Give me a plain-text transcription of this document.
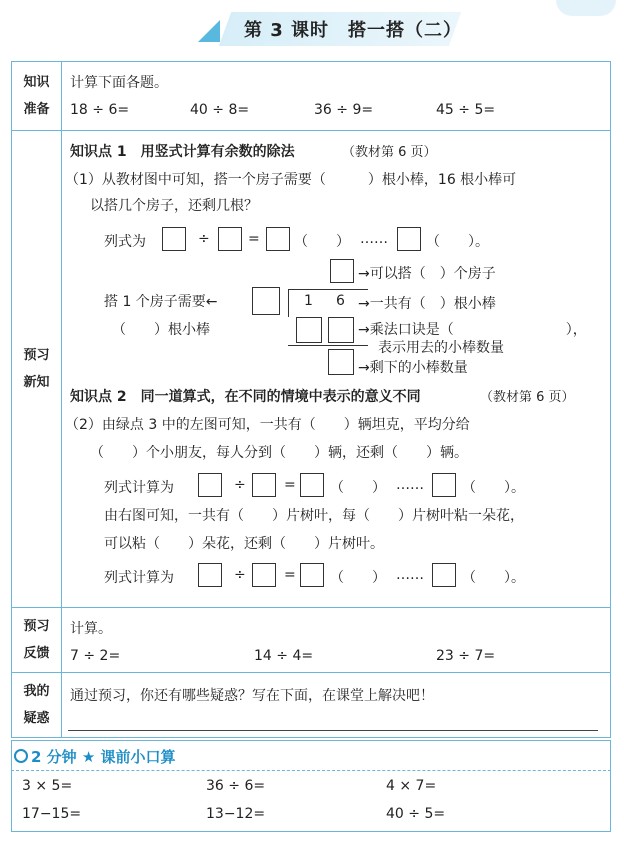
第 3 课时　搭一搭（二）
知识
准备
计算下面各题。
18 ÷ 6=	40 ÷ 8=	36 ÷ 9=	45 ÷ 5=
预习
新知
知识点 1　用竖式计算有余数的除法	（教材第 6 页）
（1）从教材图中可知，搭一个房子需要（　　　）根小棒，16 根小棒可
以搭几个房子，还剩几根？
列式为	÷	= （　　） ……	（　　）。
→可以搭（　）个房子
搭 1 个房子需要←	1 6 →一共有（　）根小棒
（　　）根小棒	→乘法口诀是（　　　　　　　　），
表示用去的小棒数量
→剩下的小棒数量
知识点 2　同一道算式，在不同的情境中表示的意义不同	（教材第 6 页）
（2）由绿点 3 中的左图可知，一共有（　　）辆坦克，平均分给
（　　）个小朋友，每人分到（　　）辆，还剩（　　）辆。
列式计算为	÷	= （　　） ……	（　　）。
由右图可知，一共有（　　）片树叶，每（　　）片树叶粘一朵花，
可以粘（　　）朵花，还剩（　　）片树叶。
列式计算为	÷	= （　　） ……	（　　）。
预习
反馈
计算。
7 ÷ 2=	14 ÷ 4=	23 ÷ 7=
我的
疑惑
通过预习，你还有哪些疑惑？写在下面，在课堂上解决吧！
2 分钟 ★ 课前小口算
3 × 5=	36 ÷ 6=	4 × 7=
17−15=	13−12=	40 ÷ 5=
